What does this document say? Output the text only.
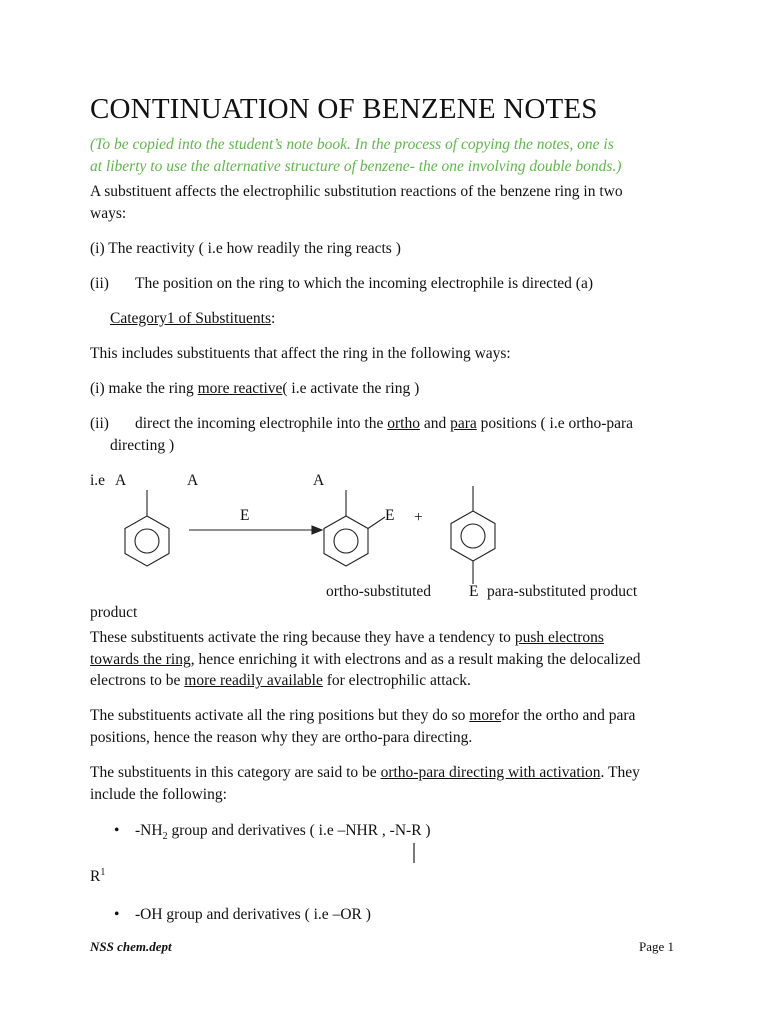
CONTINUATION OF BENZENE NOTES
(To be copied into the student’s note book. In the process of copying the notes, one is
at liberty to use the alternative structure of benzene- the one involving double bonds.)
A substituent affects the electrophilic substitution reactions of the benzene ring in two
ways:
(i) The reactivity ( i.e how readily the ring reacts )
(ii) The position on the ring to which the incoming electrophile is directed (a)
Category1 of Substituents:
This includes substituents that affect the ring in the following ways:
(i) make the ring more reactive( i.e activate the ring )
(ii) direct the incoming electrophile into the ortho and para positions ( i.e ortho-para
directing )
i.e A	A	A
E	E +
ortho-substituted E para-substituted product
product
These substituents activate the ring because they have a tendency to push electrons
towards the ring, hence enriching it with electrons and as a result making the delocalized
electrons to be more readily available for electrophilic attack.
The substituents activate all the ring positions but they do so morefor the ortho and para
positions, hence the reason why they are ortho-para directing.
The substituents in this category are said to be ortho-para directing with activation. They
include the following:
• $-NH_2$ group and derivatives ( i.e –NHR , -N-R )
$R^1$
• -OH group and derivatives ( i.e –OR )
NSS chem.dept	Page 1
